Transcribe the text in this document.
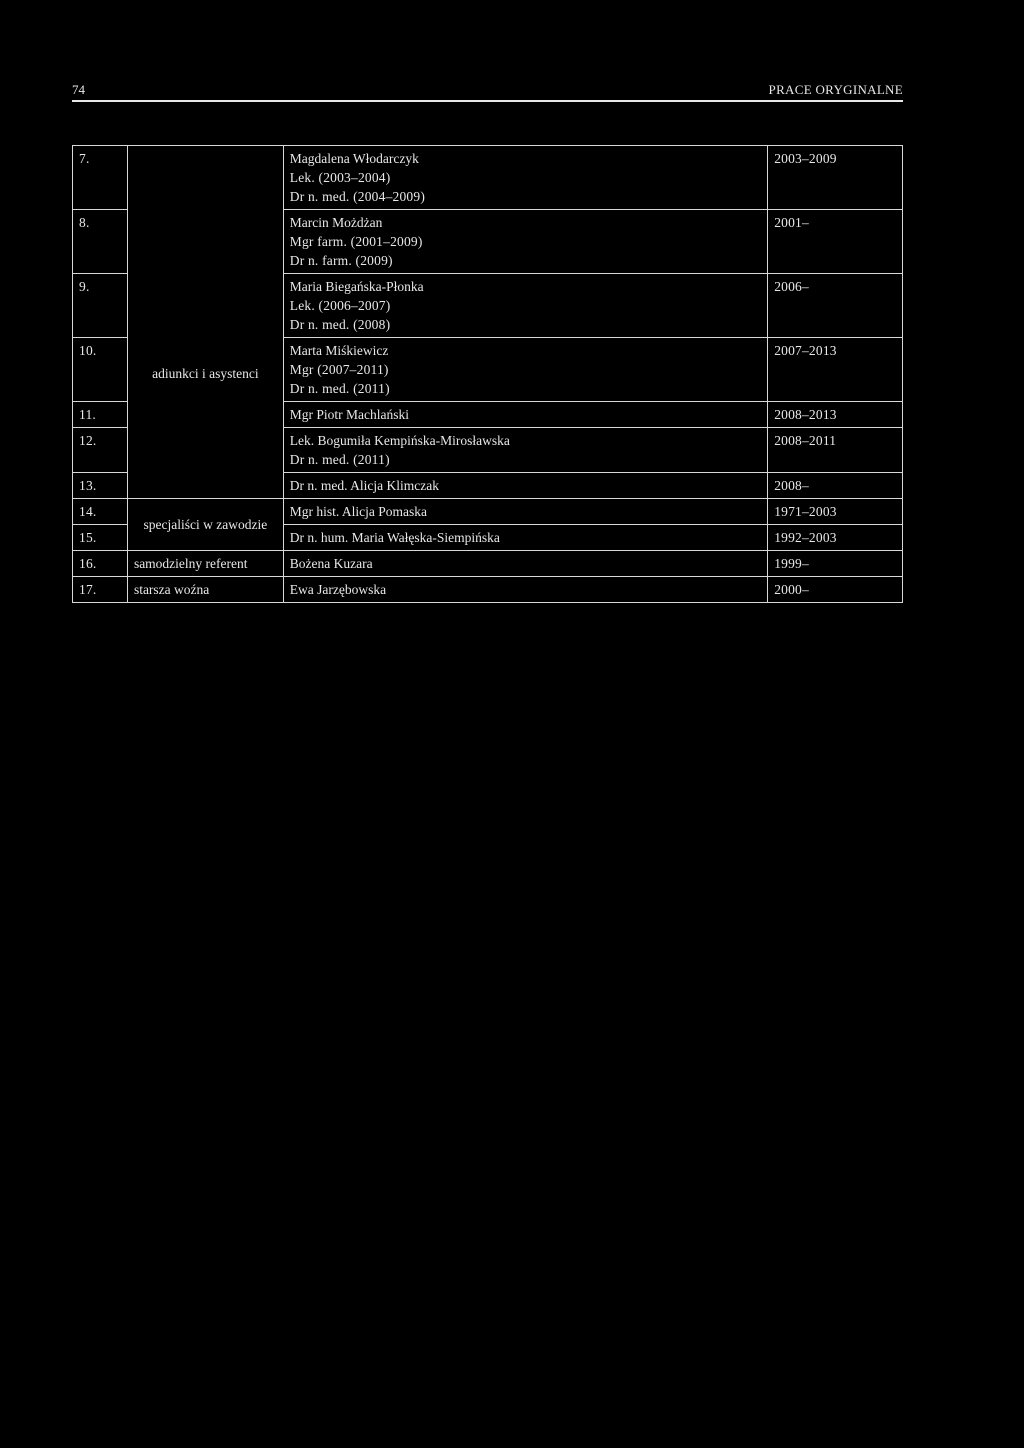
74	PRACE ORYGINALNE
7.	adiunkci i asystenci	Magdalena Włodarczyk
Lek. (2003–2004)
Dr n. med. (2004–2009)	2003–2009
8.		Marcin Możdżan
Mgr farm. (2001–2009)
Dr n. farm. (2009)	2001–
9.		Maria Biegańska-Płonka
Lek. (2006–2007)
Dr n. med. (2008)	2006–
10.		Marta Miśkiewicz
Mgr (2007–2011)
Dr n. med. (2011)	2007–2013
11.		Mgr Piotr Machlański	2008–2013
12.		Lek. Bogumiła Kempińska-Mirosławska
Dr n. med. (2011)	2008–2011
13.		Dr n. med. Alicja Klimczak	2008–
14.	specjaliści w zawodzie	Mgr hist. Alicja Pomaska	1971–2003
15.		Dr n. hum. Maria Wałęska-Siempińska	1992–2003
16.	samodzielny referent	Bożena Kuzara	1999–
17.	starsza woźna	Ewa Jarzębowska	2000–
